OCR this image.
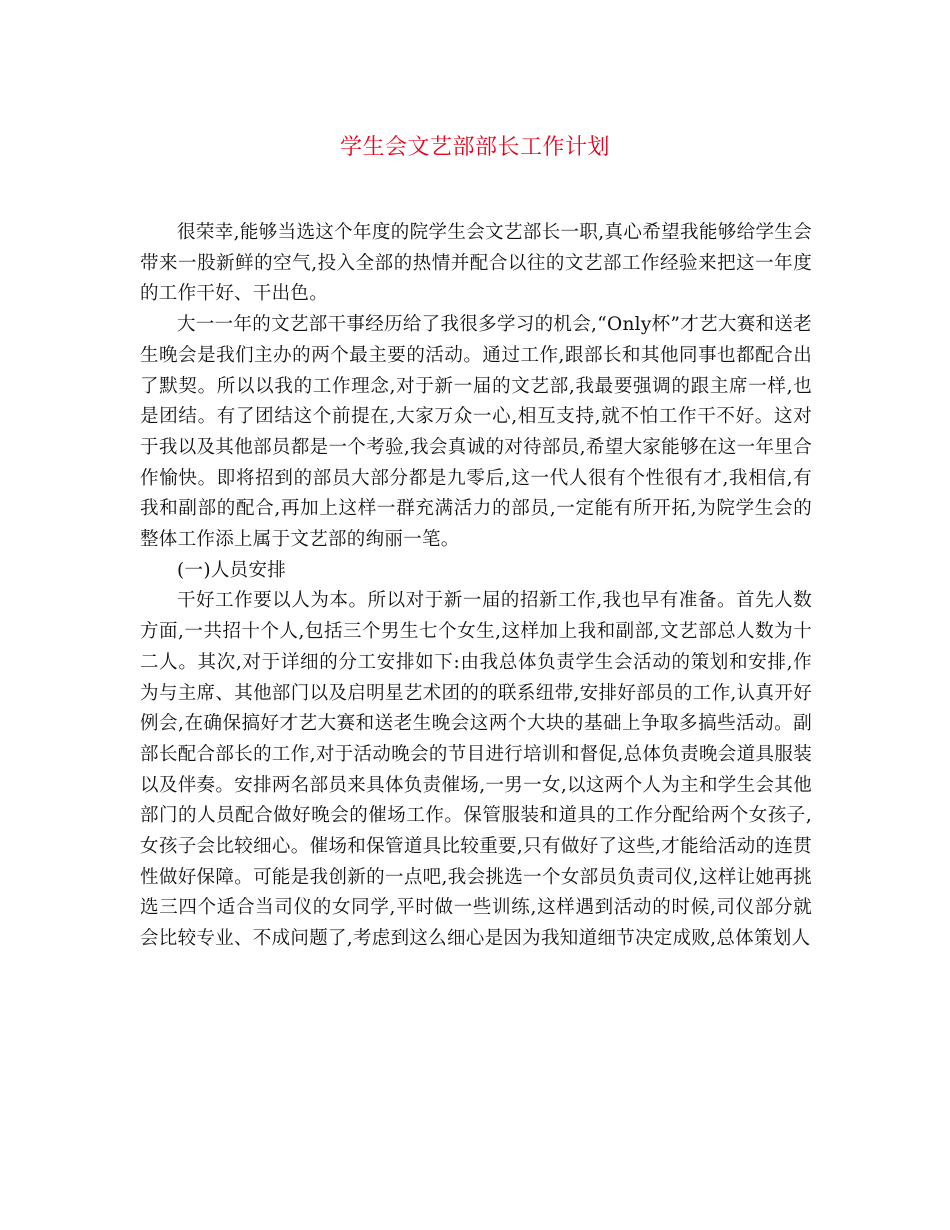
学生会文艺部部长工作计划

很荣幸,能够当选这个年度的院学生会文艺部长一职,真心希望我能够给学生会带来一股新鲜的空气,投入全部的热情并配合以往的文艺部工作经验来把这一年度的工作干好、干出色。

大一一年的文艺部干事经历给了我很多学习的机会,“Only杯”才艺大赛和送老生晚会是我们主办的两个最主要的活动。通过工作,跟部长和其他同事也都配合出了默契。所以以我的工作理念,对于新一届的文艺部,我最要强调的跟主席一样,也是团结。有了团结这个前提在,大家万众一心,相互支持,就不怕工作干不好。这对于我以及其他部员都是一个考验,我会真诚的对待部员,希望大家能够在这一年里合作愉快。即将招到的部员大部分都是九零后,这一代人很有个性很有才,我相信,有我和副部的配合,再加上这样一群充满活力的部员,一定能有所开拓,为院学生会的整体工作添上属于文艺部的绚丽一笔。

(一)人员安排

干好工作要以人为本。所以对于新一届的招新工作,我也早有准备。首先人数方面,一共招十个人,包括三个男生七个女生,这样加上我和副部,文艺部总人数为十二人。其次,对于详细的分工安排如下:由我总体负责学生会活动的策划和安排,作为与主席、其他部门以及启明星艺术团的的联系纽带,安排好部员的工作,认真开好例会,在确保搞好才艺大赛和送老生晚会这两个大块的基础上争取多搞些活动。副部长配合部长的工作,对于活动晚会的节目进行培训和督促,总体负责晚会道具服装以及伴奏。安排两名部员来具体负责催场,一男一女,以这两个人为主和学生会其他部门的人员配合做好晚会的催场工作。保管服装和道具的工作分配给两个女孩子,女孩子会比较细心。催场和保管道具比较重要,只有做好了这些,才能给活动的连贯性做好保障。可能是我创新的一点吧,我会挑选一个女部员负责司仪,这样让她再挑选三四个适合当司仪的女同学,平时做一些训练,这样遇到活动的时候,司仪部分就会比较专业、不成问题了,考虑到这么细心是因为我知道细节决定成败,总体策划人
